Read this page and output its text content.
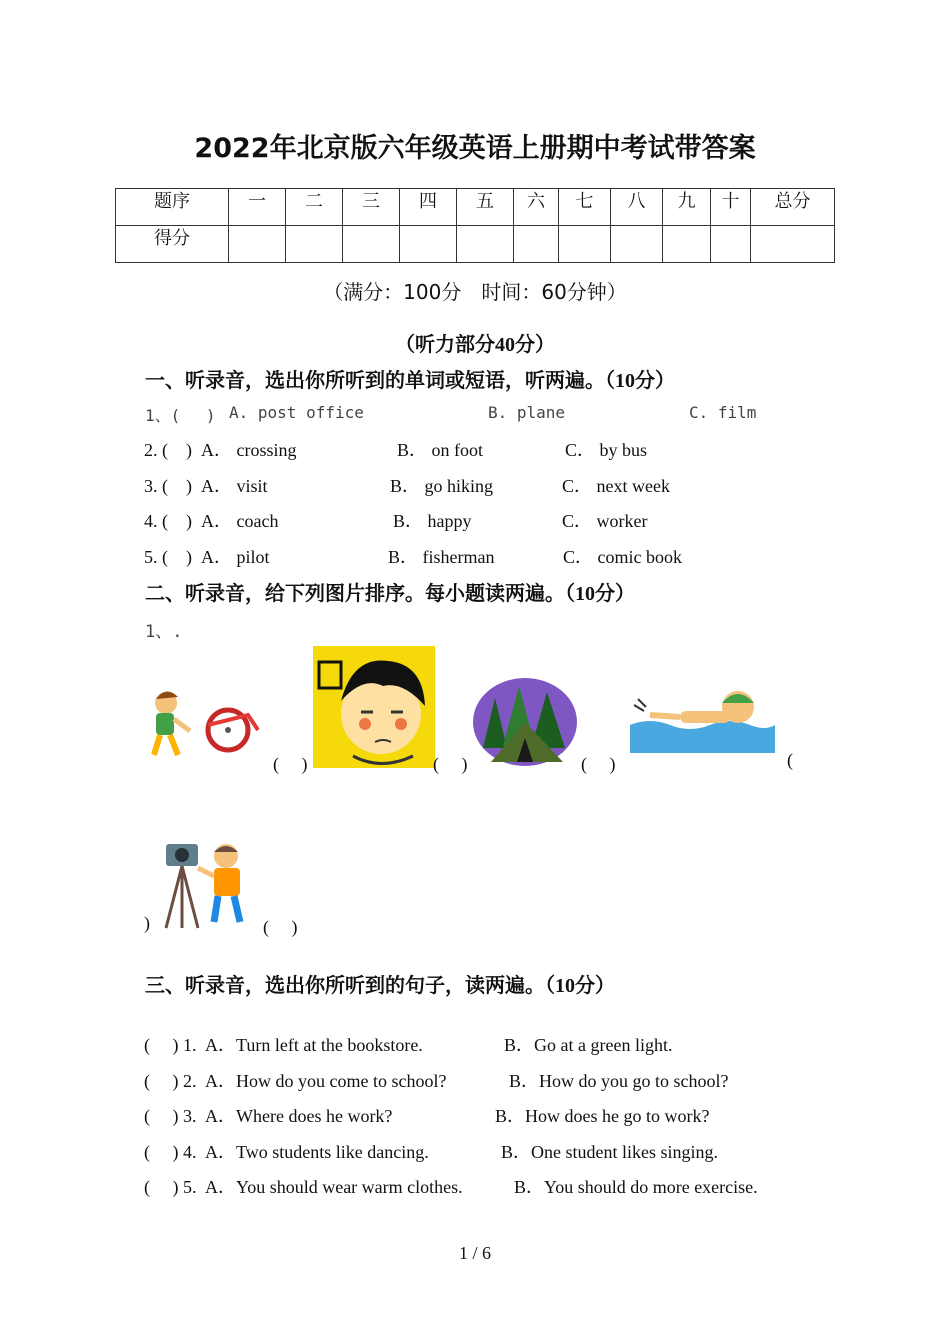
2022年北京版六年级英语上册期中考试带答案
题序	一	二	三	四	五	六	七	八	九	十	总分
得分											
（满分：100分　时间：60分钟）
（听力部分40分）
一、听录音，选出你所听到的单词或短语，听两遍。（10分）
1、(　 ) A. post office	B. plane	C. film
2. (　) A． crossing	B． on foot	C． by bus
3. (　) A． visit	B． go hiking	C． next week
4. (　) A． coach	B． happy	C． worker
5. (　) A． pilot	B． fisherman	C． comic book
二、听录音，给下列图片排序。每小题读两遍。（10分）
1、.
(　 )	(　 )	(　 )	(
)	(　 )
三、听录音，选出你所听到的句子，读两遍。（10分）
(　 ) 1. A．Turn left at the bookstore.	B．Go at a green light.
(　 ) 2. A．How do you come to school?	B．How do you go to school?
(　 ) 3. A．Where does he work?	B．How does he go to work?
(　 ) 4. A．Two students like dancing.	B．One student likes singing.
(　 ) 5. A．You should wear warm clothes.	B．You should do more exercise.
1 / 6
